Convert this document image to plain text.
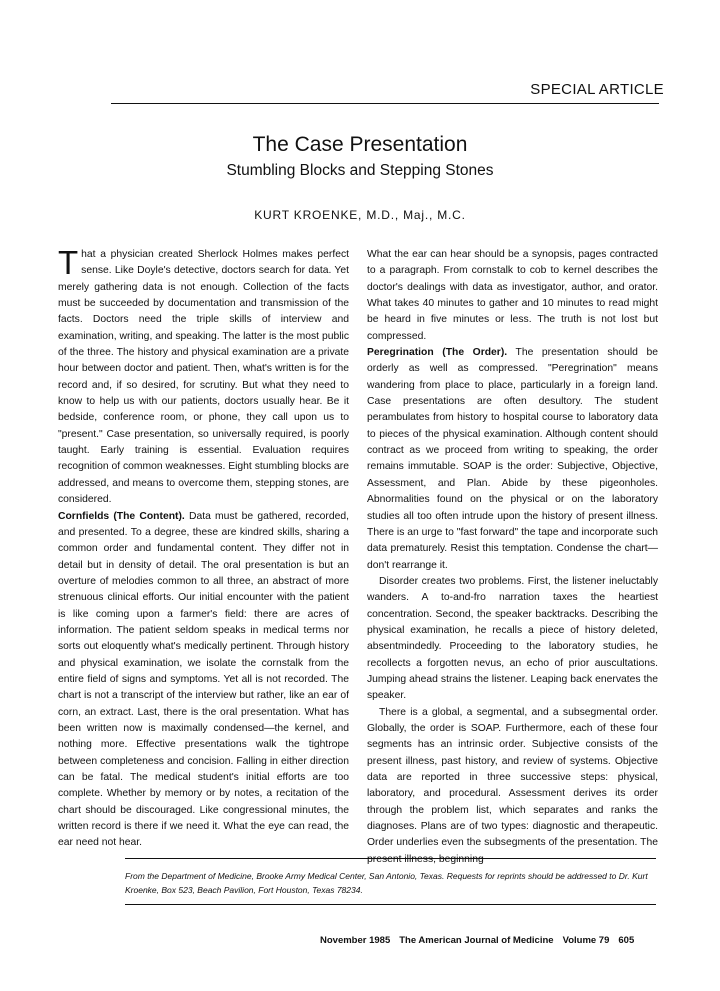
SPECIAL ARTICLE
The Case Presentation
Stumbling Blocks and Stepping Stones
KURT KROENKE, M.D., Maj., M.C.

That a physician created Sherlock Holmes makes perfect sense. Like Doyle's detective, doctors search for data. Yet merely gathering data is not enough. Collection of the facts must be succeeded by documentation and transmission of the facts. Doctors need the triple skills of interview and examination, writing, and speaking. The latter is the most public of the three. The history and physical examination are a private hour between doctor and patient. Then, what's written is for the record and, if so desired, for scrutiny. But what they need to know to help us with our patients, doctors usually hear. Be it bedside, conference room, or phone, they call upon us to "present." Case presentation, so universally required, is poorly taught. Early training is essential. Evaluation requires recognition of common weaknesses. Eight stumbling blocks are addressed, and means to overcome them, stepping stones, are considered.

Cornfields (The Content). Data must be gathered, recorded, and presented. To a degree, these are kindred skills, sharing a common order and fundamental content. They differ not in detail but in density of detail. The oral presentation is but an overture of melodies common to all three, an abstract of more strenuous clinical efforts. Our initial encounter with the patient is like coming upon a farmer's field: there are acres of information. The patient seldom speaks in medical terms nor sorts out eloquently what's medically pertinent. Through history and physical examination, we isolate the cornstalk from the entire field of signs and symptoms. Yet all is not recorded. The chart is not a transcript of the interview but rather, like an ear of corn, an extract. Last, there is the oral presentation. What has been written now is maximally condensed—the kernel, and nothing more. Effective presentations walk the tightrope between completeness and concision. Falling in either direction can be fatal. The medical student's initial efforts are too complete. Whether by memory or by notes, a recitation of the chart should be discouraged. Like congressional minutes, the written record is there if we need it. What the eye can read, the ear need not hear.

What the ear can hear should be a synopsis, pages contracted to a paragraph. From cornstalk to cob to kernel describes the doctor's dealings with data as investigator, author, and orator. What takes 40 minutes to gather and 10 minutes to read might be heard in five minutes or less. The truth is not lost but compressed.

Peregrination (The Order). The presentation should be orderly as well as compressed. "Peregrination" means wandering from place to place, particularly in a foreign land. Case presentations are often desultory. The student perambulates from history to hospital course to laboratory data to pieces of the physical examination. Although content should contract as we proceed from writing to speaking, the order remains immutable. SOAP is the order: Subjective, Objective, Assessment, and Plan. Abide by these pigeonholes. Abnormalities found on the physical or on the laboratory studies all too often intrude upon the history of present illness. There is an urge to "fast forward" the tape and incorporate such data prematurely. Resist this temptation. Condense the chart—don't rearrange it.

Disorder creates two problems. First, the listener ineluctably wanders. A to-and-fro narration taxes the heartiest concentration. Second, the speaker backtracks. Describing the physical examination, he recalls a piece of history deleted, absentmindedly. Proceeding to the laboratory studies, he recollects a forgotten nevus, an echo of prior auscultations. Jumping ahead strains the listener. Leaping back enervates the speaker.

There is a global, a segmental, and a subsegmental order. Globally, the order is SOAP. Furthermore, each of these four segments has an intrinsic order. Subjective consists of the present illness, past history, and review of systems. Objective data are reported in three successive steps: physical, laboratory, and procedural. Assessment derives its order through the problem list, which separates and ranks the diagnoses. Plans are of two types: diagnostic and therapeutic. Order underlies even the subsegments of the presentation. The present illness, beginning

From the Department of Medicine, Brooke Army Medical Center, San Antonio, Texas. Requests for reprints should be addressed to Dr. Kurt Kroenke, Box 523, Beach Pavilion, Fort Houston, Texas 78234.
November 1985 The American Journal of Medicine Volume 79 605
